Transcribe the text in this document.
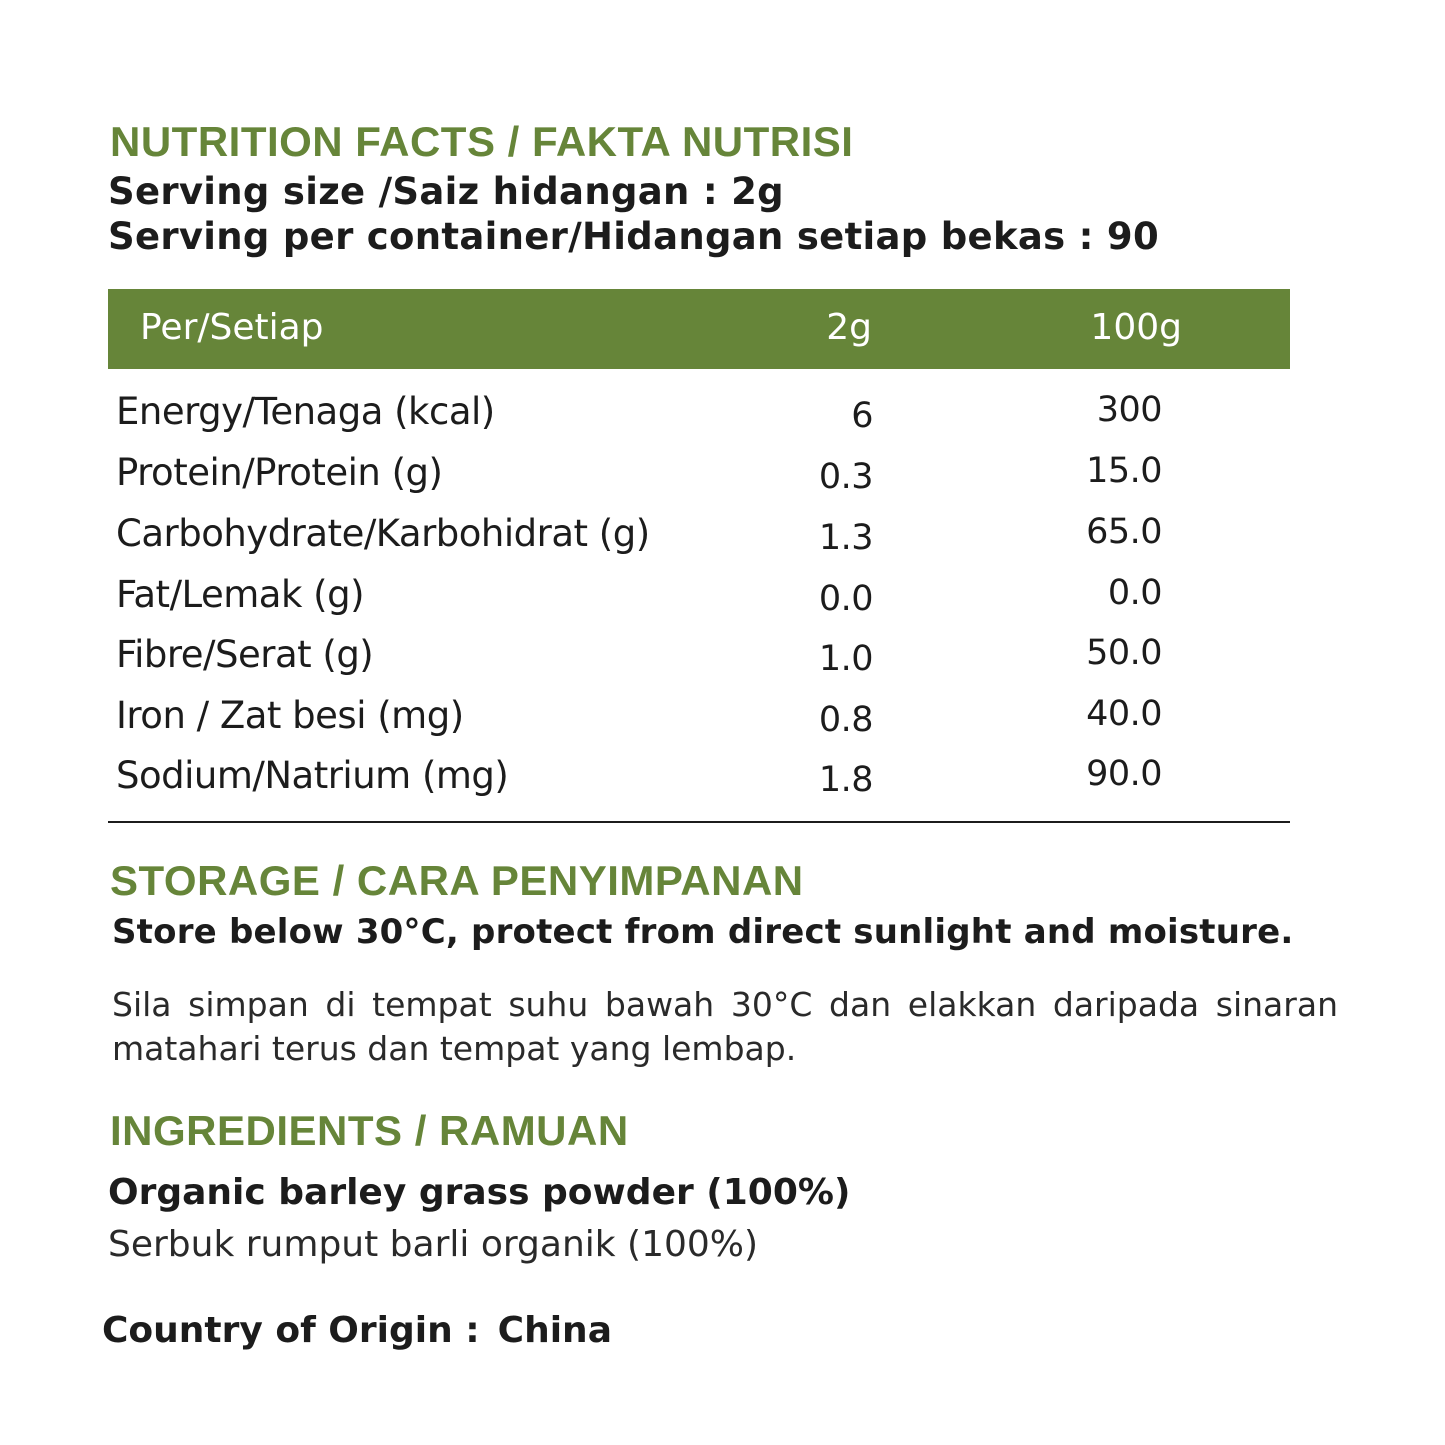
NUTRITION FACTS / FAKTA NUTRISI

Serving size /Saiz hidangan : 2g

Serving per container/Hidangan setiap bekas : 90

Per/Setiap	2g	100g
Energy/Tenaga (kcal)	6	300
Protein/Protein (g)	0.3	15.0
Carbohydrate/Karbohidrat (g)	1.3	65.0
Fat/Lemak (g)	0.0	0.0
Fibre/Serat (g)	1.0	50.0
Iron / Zat besi (mg)	0.8	40.0
Sodium/Natrium (mg)	1.8	90.0
STORAGE / CARA PENYIMPANAN

Store below 30°C, protect from direct sunlight and moisture.

Sila simpan di tempat suhu bawah 30°C dan elakkan daripada sinaran matahari terus dan tempat yang lembap.

INGREDIENTS / RAMUAN

Organic barley grass powder (100%)

Serbuk rumput barli organik (100%)

Country of Origin : China
